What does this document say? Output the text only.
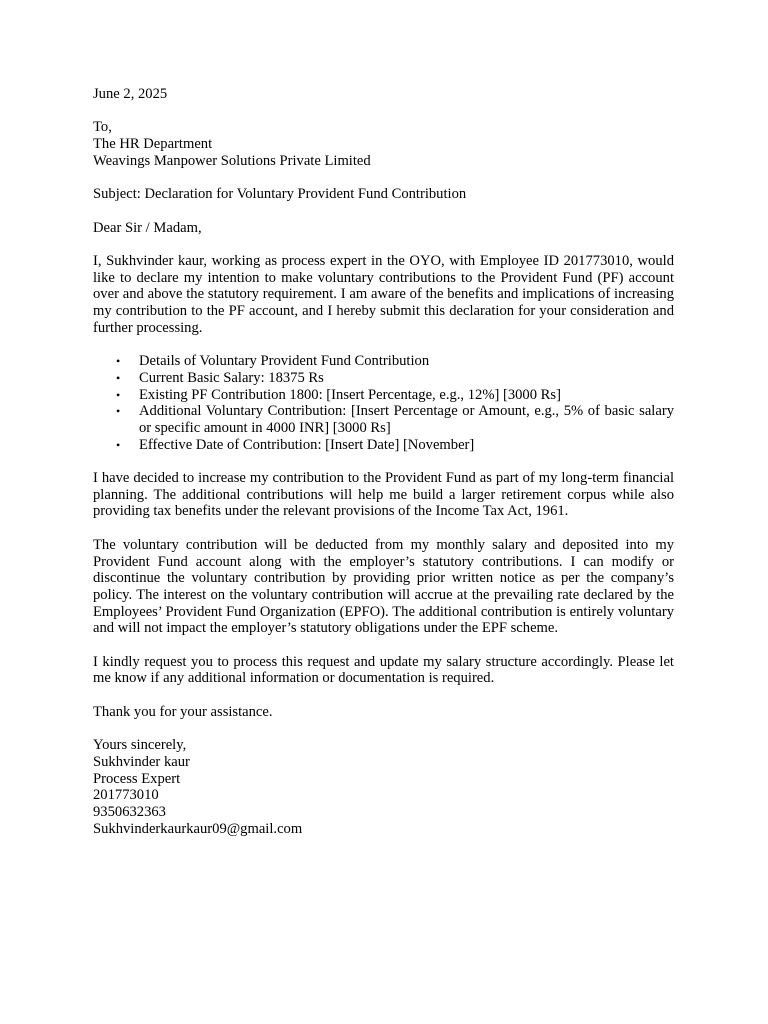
June 2, 2025

To,

The HR Department

Weavings Manpower Solutions Private Limited

Subject: Declaration for Voluntary Provident Fund Contribution

Dear Sir / Madam,

I, Sukhvinder kaur, working as process expert in the OYO, with Employee ID 201773010, would like to declare my intention to make voluntary contributions to the Provident Fund (PF) account over and above the statutory requirement. I am aware of the benefits and implications of increasing my contribution to the PF account, and I hereby submit this declaration for your consideration and further processing.

• Details of Voluntary Provident Fund Contribution
• Current Basic Salary: 18375 Rs
• Existing PF Contribution 1800: [Insert Percentage, e.g., 12%] [3000 Rs]
• Additional Voluntary Contribution: [Insert Percentage or Amount, e.g., 5% of basic salary or specific amount in 4000 INR] [3000 Rs]
• Effective Date of Contribution: [Insert Date] [November]

I have decided to increase my contribution to the Provident Fund as part of my long-term financial planning. The additional contributions will help me build a larger retirement corpus while also providing tax benefits under the relevant provisions of the Income Tax Act, 1961.

The voluntary contribution will be deducted from my monthly salary and deposited into my Provident Fund account along with the employer’s statutory contributions. I can modify or discontinue the voluntary contribution by providing prior written notice as per the company’s policy. The interest on the voluntary contribution will accrue at the prevailing rate declared by the Employees’ Provident Fund Organization (EPFO). The additional contribution is entirely voluntary and will not impact the employer’s statutory obligations under the EPF scheme.

I kindly request you to process this request and update my salary structure accordingly. Please let me know if any additional information or documentation is required.

Thank you for your assistance.

Yours sincerely,

Sukhvinder kaur

Process Expert

201773010

9350632363

Sukhvinderkaurkaur09@gmail.com
